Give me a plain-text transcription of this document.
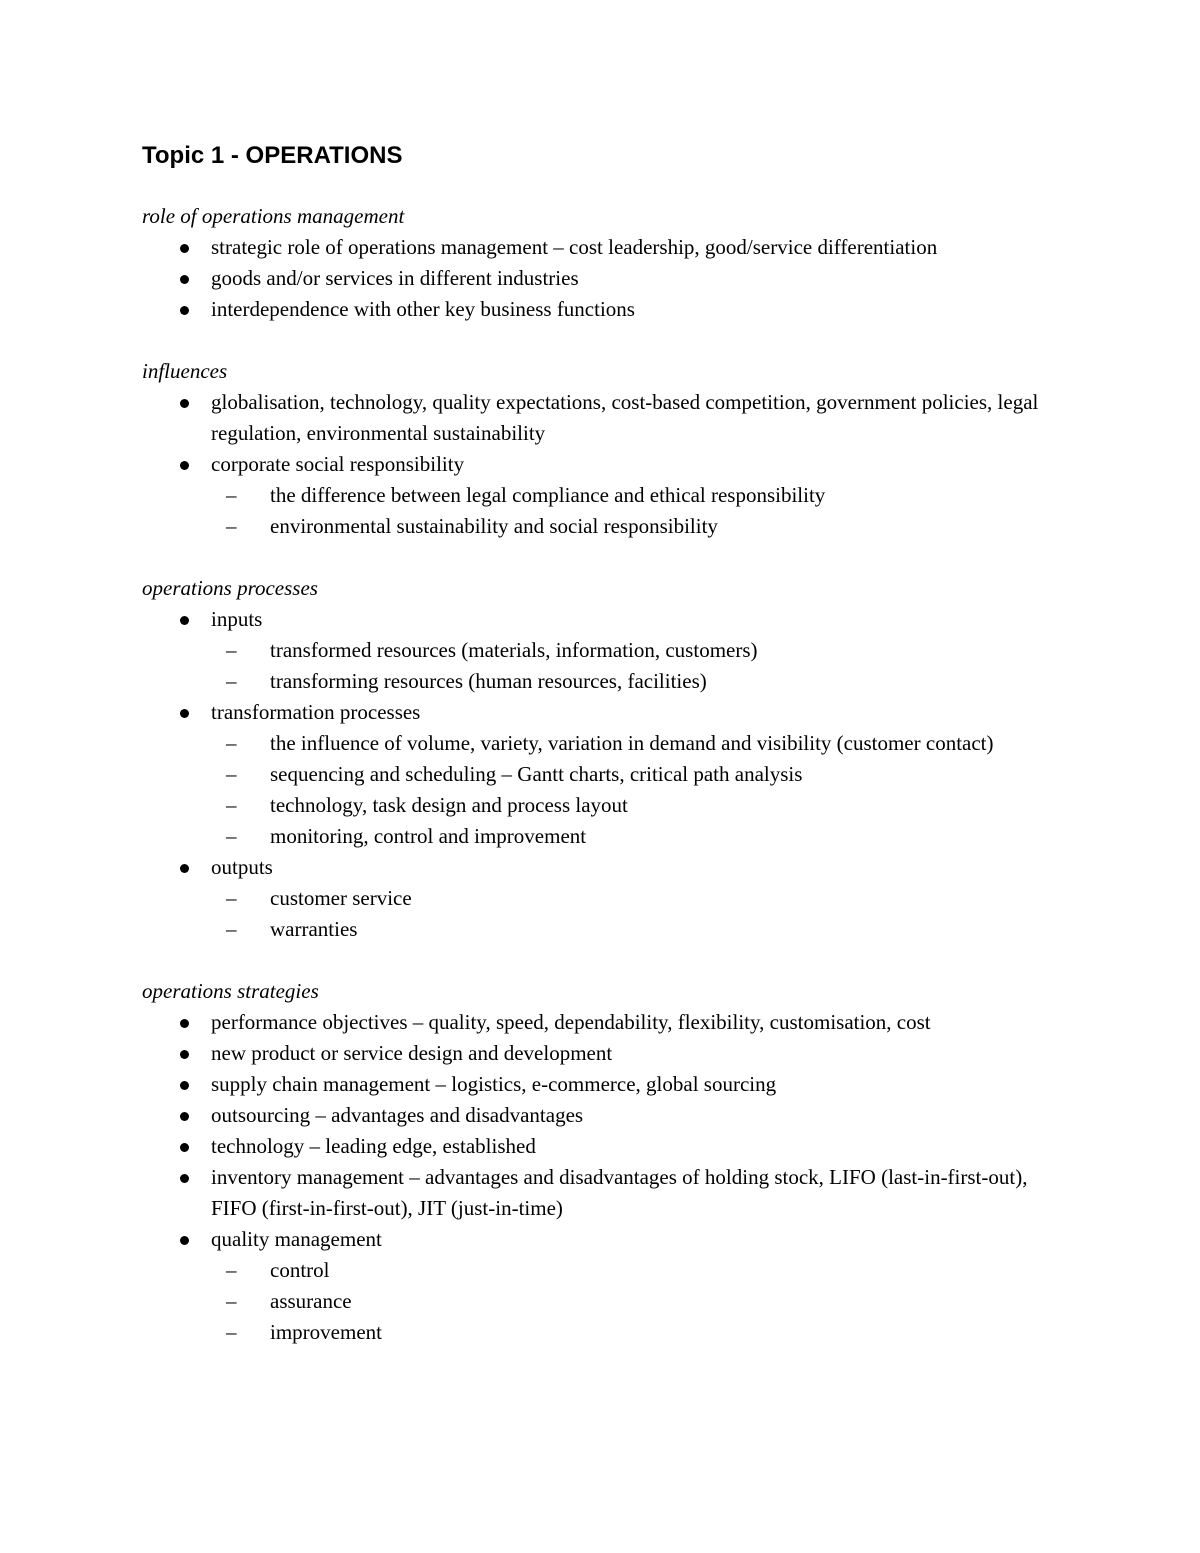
Topic 1 - OPERATIONS
role of operations management
strategic role of operations management – cost leadership, good/service differentiation
goods and/or services in different industries
interdependence with other key business functions
influences
globalisation, technology, quality expectations, cost-based competition, government policies, legal regulation, environmental sustainability
corporate social responsibility
– the difference between legal compliance and ethical responsibility
– environmental sustainability and social responsibility
operations processes
inputs
– transformed resources (materials, information, customers)
– transforming resources (human resources, facilities)
transformation processes
– the influence of volume, variety, variation in demand and visibility (customer contact)
– sequencing and scheduling – Gantt charts, critical path analysis
– technology, task design and process layout
– monitoring, control and improvement
outputs
– customer service
– warranties
operations strategies
performance objectives – quality, speed, dependability, flexibility, customisation, cost
new product or service design and development
supply chain management – logistics, e-commerce, global sourcing
outsourcing – advantages and disadvantages
technology – leading edge, established
inventory management – advantages and disadvantages of holding stock, LIFO (last-in-first-out), FIFO (first-in-first-out), JIT (just-in-time)
quality management
– control
– assurance
– improvement
